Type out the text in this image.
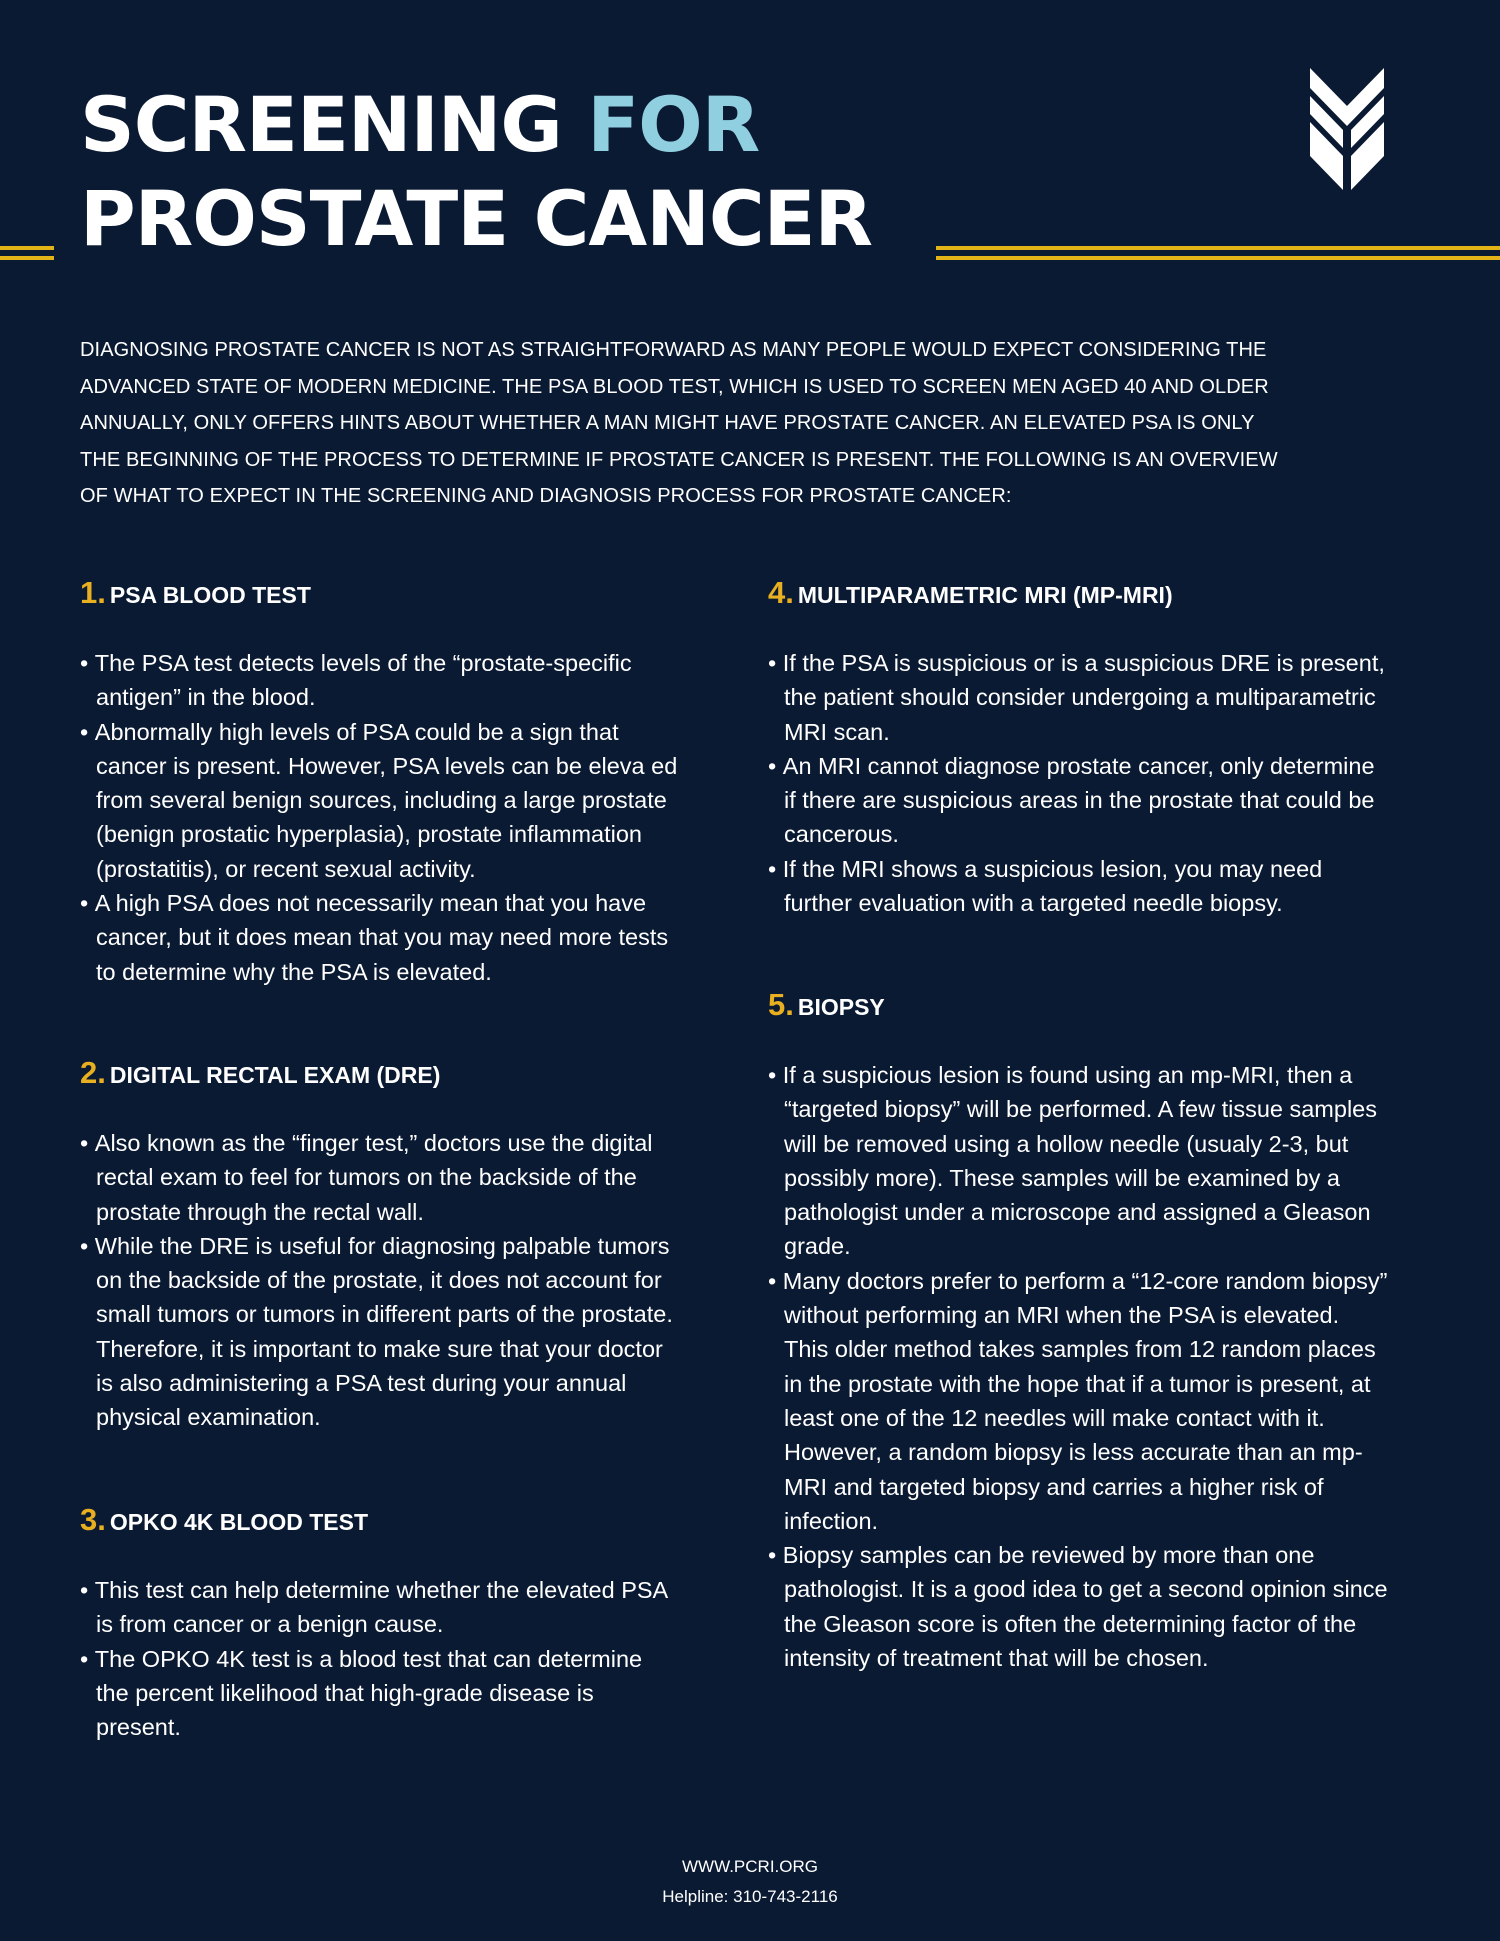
SCREENING FOR
PROSTATE CANCER

DIAGNOSING PROSTATE CANCER IS NOT AS STRAIGHTFORWARD AS MANY PEOPLE WOULD EXPECT CONSIDERING THE ADVANCED STATE OF MODERN MEDICINE. THE PSA BLOOD TEST, WHICH IS USED TO SCREEN MEN AGED 40 AND OLDER ANNUALLY, ONLY OFFERS HINTS ABOUT WHETHER A MAN MIGHT HAVE PROSTATE CANCER. AN ELEVATED PSA IS ONLY THE BEGINNING OF THE PROCESS TO DETERMINE IF PROSTATE CANCER IS PRESENT. THE FOLLOWING IS AN OVERVIEW OF WHAT TO EXPECT IN THE SCREENING AND DIAGNOSIS PROCESS FOR PROSTATE CANCER:

1. PSA BLOOD TEST
• The PSA test detects levels of the “prostate-specific antigen” in the blood.
• Abnormally high levels of PSA could be a sign that cancer is present. However, PSA levels can be eleva ed from several benign sources, including a large prostate (benign prostatic hyperplasia), prostate inflammation (prostatitis), or recent sexual activity.
• A high PSA does not necessarily mean that you have cancer, but it does mean that you may need more tests to determine why the PSA is elevated.
2. DIGITAL RECTAL EXAM (DRE)
• Also known as the “finger test,” doctors use the digital rectal exam to feel for tumors on the backside of the prostate through the rectal wall.
• While the DRE is useful for diagnosing palpable tumors on the backside of the prostate, it does not account for small tumors or tumors in different parts of the prostate. Therefore, it is important to make sure that your doctor is also administering a PSA test during your annual physical examination.
3. OPKO 4K BLOOD TEST
• This test can help determine whether the elevated PSA is from cancer or a benign cause.
• The OPKO 4K test is a blood test that can determine the percent likelihood that high-grade disease is present.
4. MULTIPARAMETRIC MRI (MP-MRI)
• If the PSA is suspicious or is a suspicious DRE is present, the patient should consider undergoing a multiparametric MRI scan.
• An MRI cannot diagnose prostate cancer, only determine if there are suspicious areas in the prostate that could be cancerous.
• If the MRI shows a suspicious lesion, you may need further evaluation with a targeted needle biopsy.
5. BIOPSY
• If a suspicious lesion is found using an mp-MRI, then a “targeted biopsy” will be performed. A few tissue samples will be removed using a hollow needle (usualy 2-3, but possibly more). These samples will be examined by a pathologist under a microscope and assigned a Gleason grade.
• Many doctors prefer to perform a “12-core random biopsy” without performing an MRI when the PSA is elevated. This older method takes samples from 12 random places in the prostate with the hope that if a tumor is present, at least one of the 12 needles will make contact with it. However, a random biopsy is less accurate than an mp-MRI and targeted biopsy and carries a higher risk of infection.
• Biopsy samples can be reviewed by more than one pathologist. It is a good idea to get a second opinion since the Gleason score is often the determining factor of the intensity of treatment that will be chosen.
WWW.PCRI.ORG
Helpline: 310-743-2116
